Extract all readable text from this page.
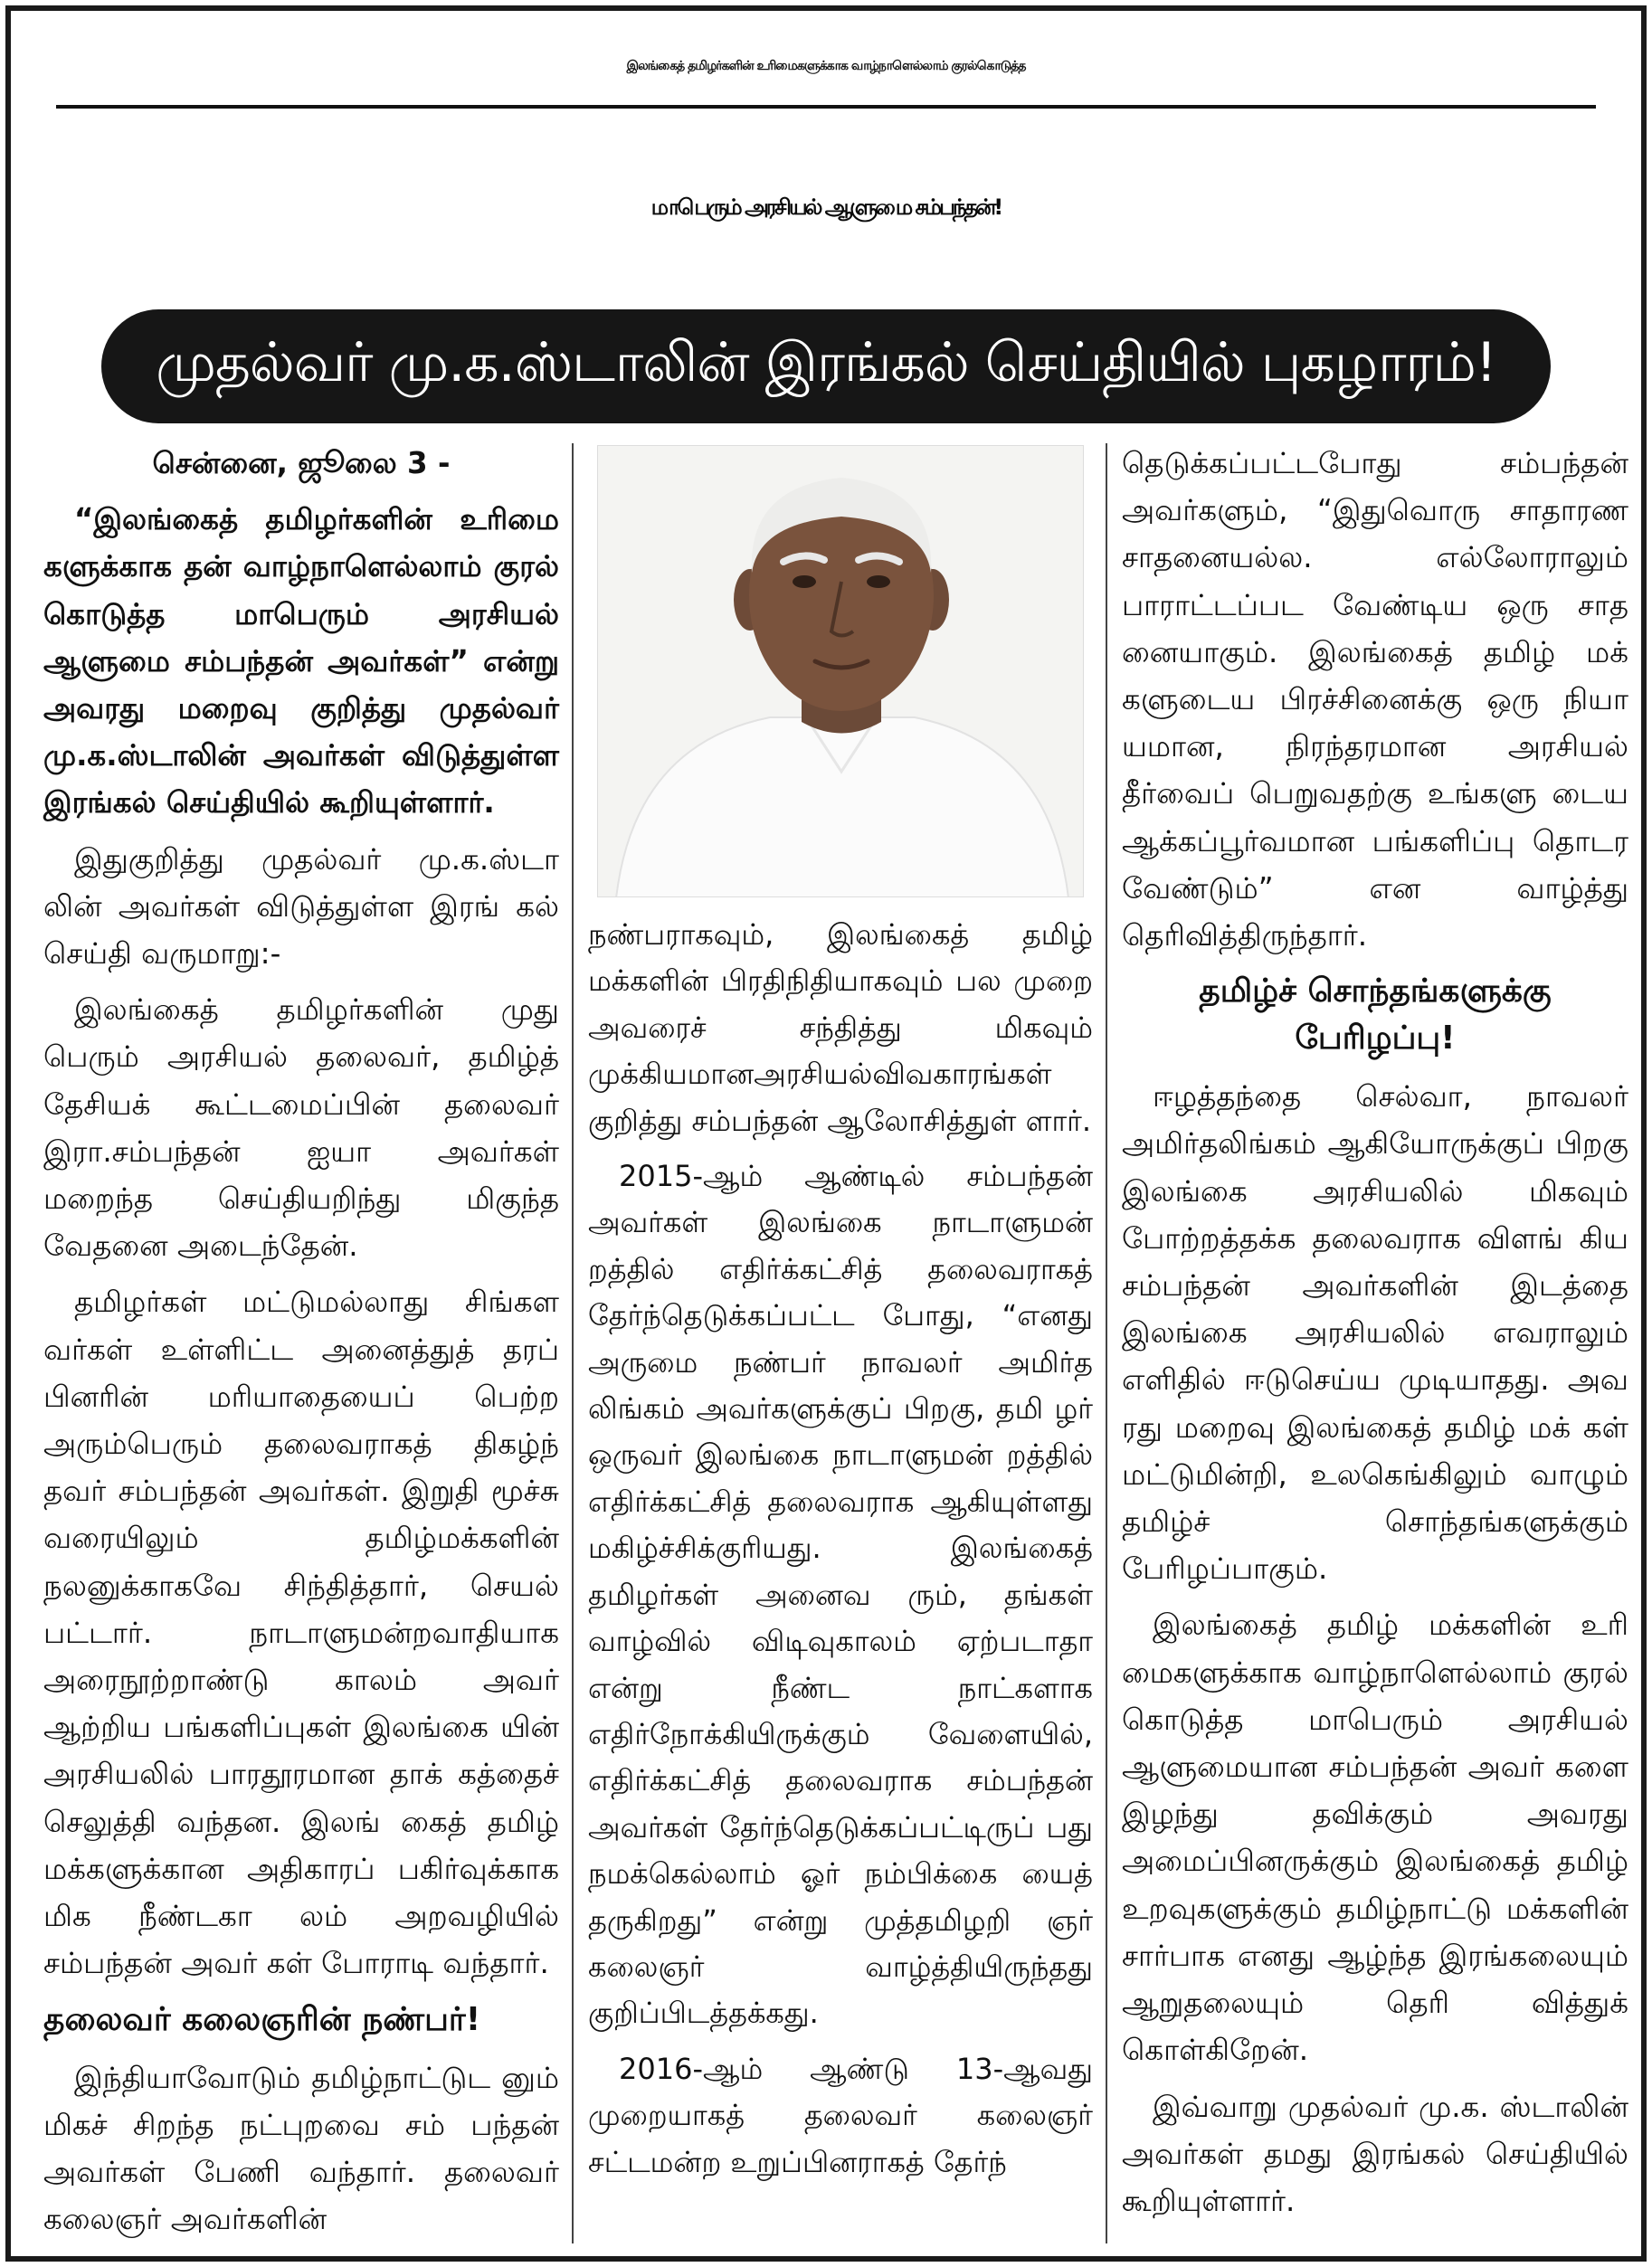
இலங்கைத் தமிழர்களின் உரிமைகளுக்காக வாழ்நாளெல்லாம் குரல்கொடுத்த
மாபெரும் அரசியல் ஆளுமை சம்பந்தன்!
முதல்வர் மு.க.ஸ்டாலின் இரங்கல் செய்தியில் புகழாரம்!

சென்னை, ஜூலை 3 -

“இலங்கைத் தமிழர்களின் உரிமை களுக்காக தன் வாழ்நாளெல்லாம் குரல் கொடுத்த மாபெரும் அரசியல் ஆளுமை சம்பந்தன் அவர்கள்” என்று அவரது மறைவு குறித்து முதல்வர் மு.க.ஸ்டாலின் அவர்கள் விடுத்துள்ள இரங்கல் செய்தியில் கூறியுள்ளார்.

இதுகுறித்து முதல்வர் மு.க.ஸ்டா லின் அவர்கள் விடுத்துள்ள இரங் கல் செய்தி வருமாறு:-

இலங்கைத் தமிழர்களின் முது பெரும் அரசியல் தலைவர், தமிழ்த் தேசியக் கூட்டமைப்பின் தலைவர் இரா.சம்பந்தன் ஐயா அவர்கள் மறைந்த செய்தியறிந்து மிகுந்த வேதனை அடைந்தேன்.

தமிழர்கள் மட்டுமல்லாது சிங்கள வர்கள் உள்ளிட்ட அனைத்துத் தரப் பினரின் மரியாதையைப் பெற்ற அரும்பெரும் தலைவராகத் திகழ்ந் தவர் சம்பந்தன் அவர்கள். இறுதி மூச்சு வரையிலும் தமிழ்மக்களின் நலனுக்காகவே சிந்தித்தார், செயல் பட்டார். நாடாளுமன்றவாதியாக அரைநூற்றாண்டு காலம் அவர் ஆற்றிய பங்களிப்புகள் இலங்கை யின் அரசியலில் பாரதூரமான தாக் கத்தைச் செலுத்தி வந்தன. இலங் கைத் தமிழ் மக்களுக்கான அதிகாரப் பகிர்வுக்காக மிக நீண்டகா லம் அறவழியில் சம்பந்தன் அவர் கள் போராடி வந்தார்.

தலைவர் கலைஞரின் நண்பர்!

இந்தியாவோடும் தமிழ்நாட்டுட னும் மிகச் சிறந்த நட்புறவை சம் பந்தன் அவர்கள் பேணி வந்தார். தலைவர் கலைஞர் அவர்களின்

நண்பராகவும், இலங்கைத் தமிழ் மக்களின் பிரதிநிதியாகவும் பல முறை அவரைச் சந்தித்து மிகவும் முக்கியமானஅரசியல்விவகாரங்கள் குறித்து சம்பந்தன் ஆலோசித்துள் ளார்.

2015-ஆம் ஆண்டில் சம்பந்தன் அவர்கள் இலங்கை நாடாளுமன் றத்தில் எதிர்க்கட்சித் தலைவராகத் தேர்ந்தெடுக்கப்பட்ட போது, “எனது அருமை நண்பர் நாவலர் அமிர்த லிங்கம் அவர்களுக்குப் பிறகு, தமி ழர் ஒருவர் இலங்கை நாடாளுமன் றத்தில் எதிர்க்கட்சித் தலைவராக ஆகியுள்ளது மகிழ்ச்சிக்குரியது. இலங்கைத் தமிழர்கள் அனைவ ரும், தங்கள் வாழ்வில் விடிவுகாலம் ஏற்படாதா என்று நீண்ட நாட்களாக எதிர்நோக்கியிருக்கும் வேளையில், எதிர்க்கட்சித் தலைவராக சம்பந்தன் அவர்கள் தேர்ந்தெடுக்கப்பட்டிருப் பது நமக்கெல்லாம் ஓர் நம்பிக்கை யைத் தருகிறது” என்று முத்தமிழறி ஞர் கலைஞர் வாழ்த்தியிருந்தது குறிப்பிடத்தக்கது.

2016-ஆம் ஆண்டு 13-ஆவது முறையாகத் தலைவர் கலைஞர் சட்டமன்ற உறுப்பினராகத் தேர்ந்

தெடுக்கப்பட்டபோது சம்பந்தன் அவர்களும், “இதுவொரு சாதாரண சாதனையல்ல. எல்லோராலும் பாராட்டப்பட வேண்டிய ஒரு சாத னையாகும். இலங்கைத் தமிழ் மக் களுடைய பிரச்சினைக்கு ஒரு நியா யமான, நிரந்தரமான அரசியல் தீர்வைப் பெறுவதற்கு உங்களு டைய ஆக்கப்பூர்வமான பங்களிப்பு தொடர வேண்டும்” என வாழ்த்து தெரிவித்திருந்தார்.

தமிழ்ச் சொந்தங்களுக்கு பேரிழப்பு!

ஈழத்தந்தை செல்வா, நாவலர் அமிர்தலிங்கம் ஆகியோருக்குப் பிறகு இலங்கை அரசியலில் மிகவும் போற்றத்தக்க தலைவராக விளங் கிய சம்பந்தன் அவர்களின் இடத்தை இலங்கை அரசியலில் எவராலும் எளிதில் ஈடுசெய்ய முடியாதது. அவ ரது மறைவு இலங்கைத் தமிழ் மக் கள் மட்டுமின்றி, உலகெங்கிலும் வாழும் தமிழ்ச் சொந்தங்களுக்கும் பேரிழப்பாகும்.

இலங்கைத் தமிழ் மக்களின் உரி மைகளுக்காக வாழ்நாளெல்லாம் குரல் கொடுத்த மாபெரும் அரசியல் ஆளுமையான சம்பந்தன் அவர் களை இழந்து தவிக்கும் அவரது அமைப்பினருக்கும் இலங்கைத் தமிழ் உறவுகளுக்கும் தமிழ்நாட்டு மக்களின் சார்பாக எனது ஆழ்ந்த இரங்கலையும் ஆறுதலையும் தெரி வித்துக் கொள்கிறேன்.

இவ்வாறு முதல்வர் மு.க. ஸ்டாலின் அவர்கள் தமது இரங்கல் செய்தியில் கூறியுள்ளார்.
